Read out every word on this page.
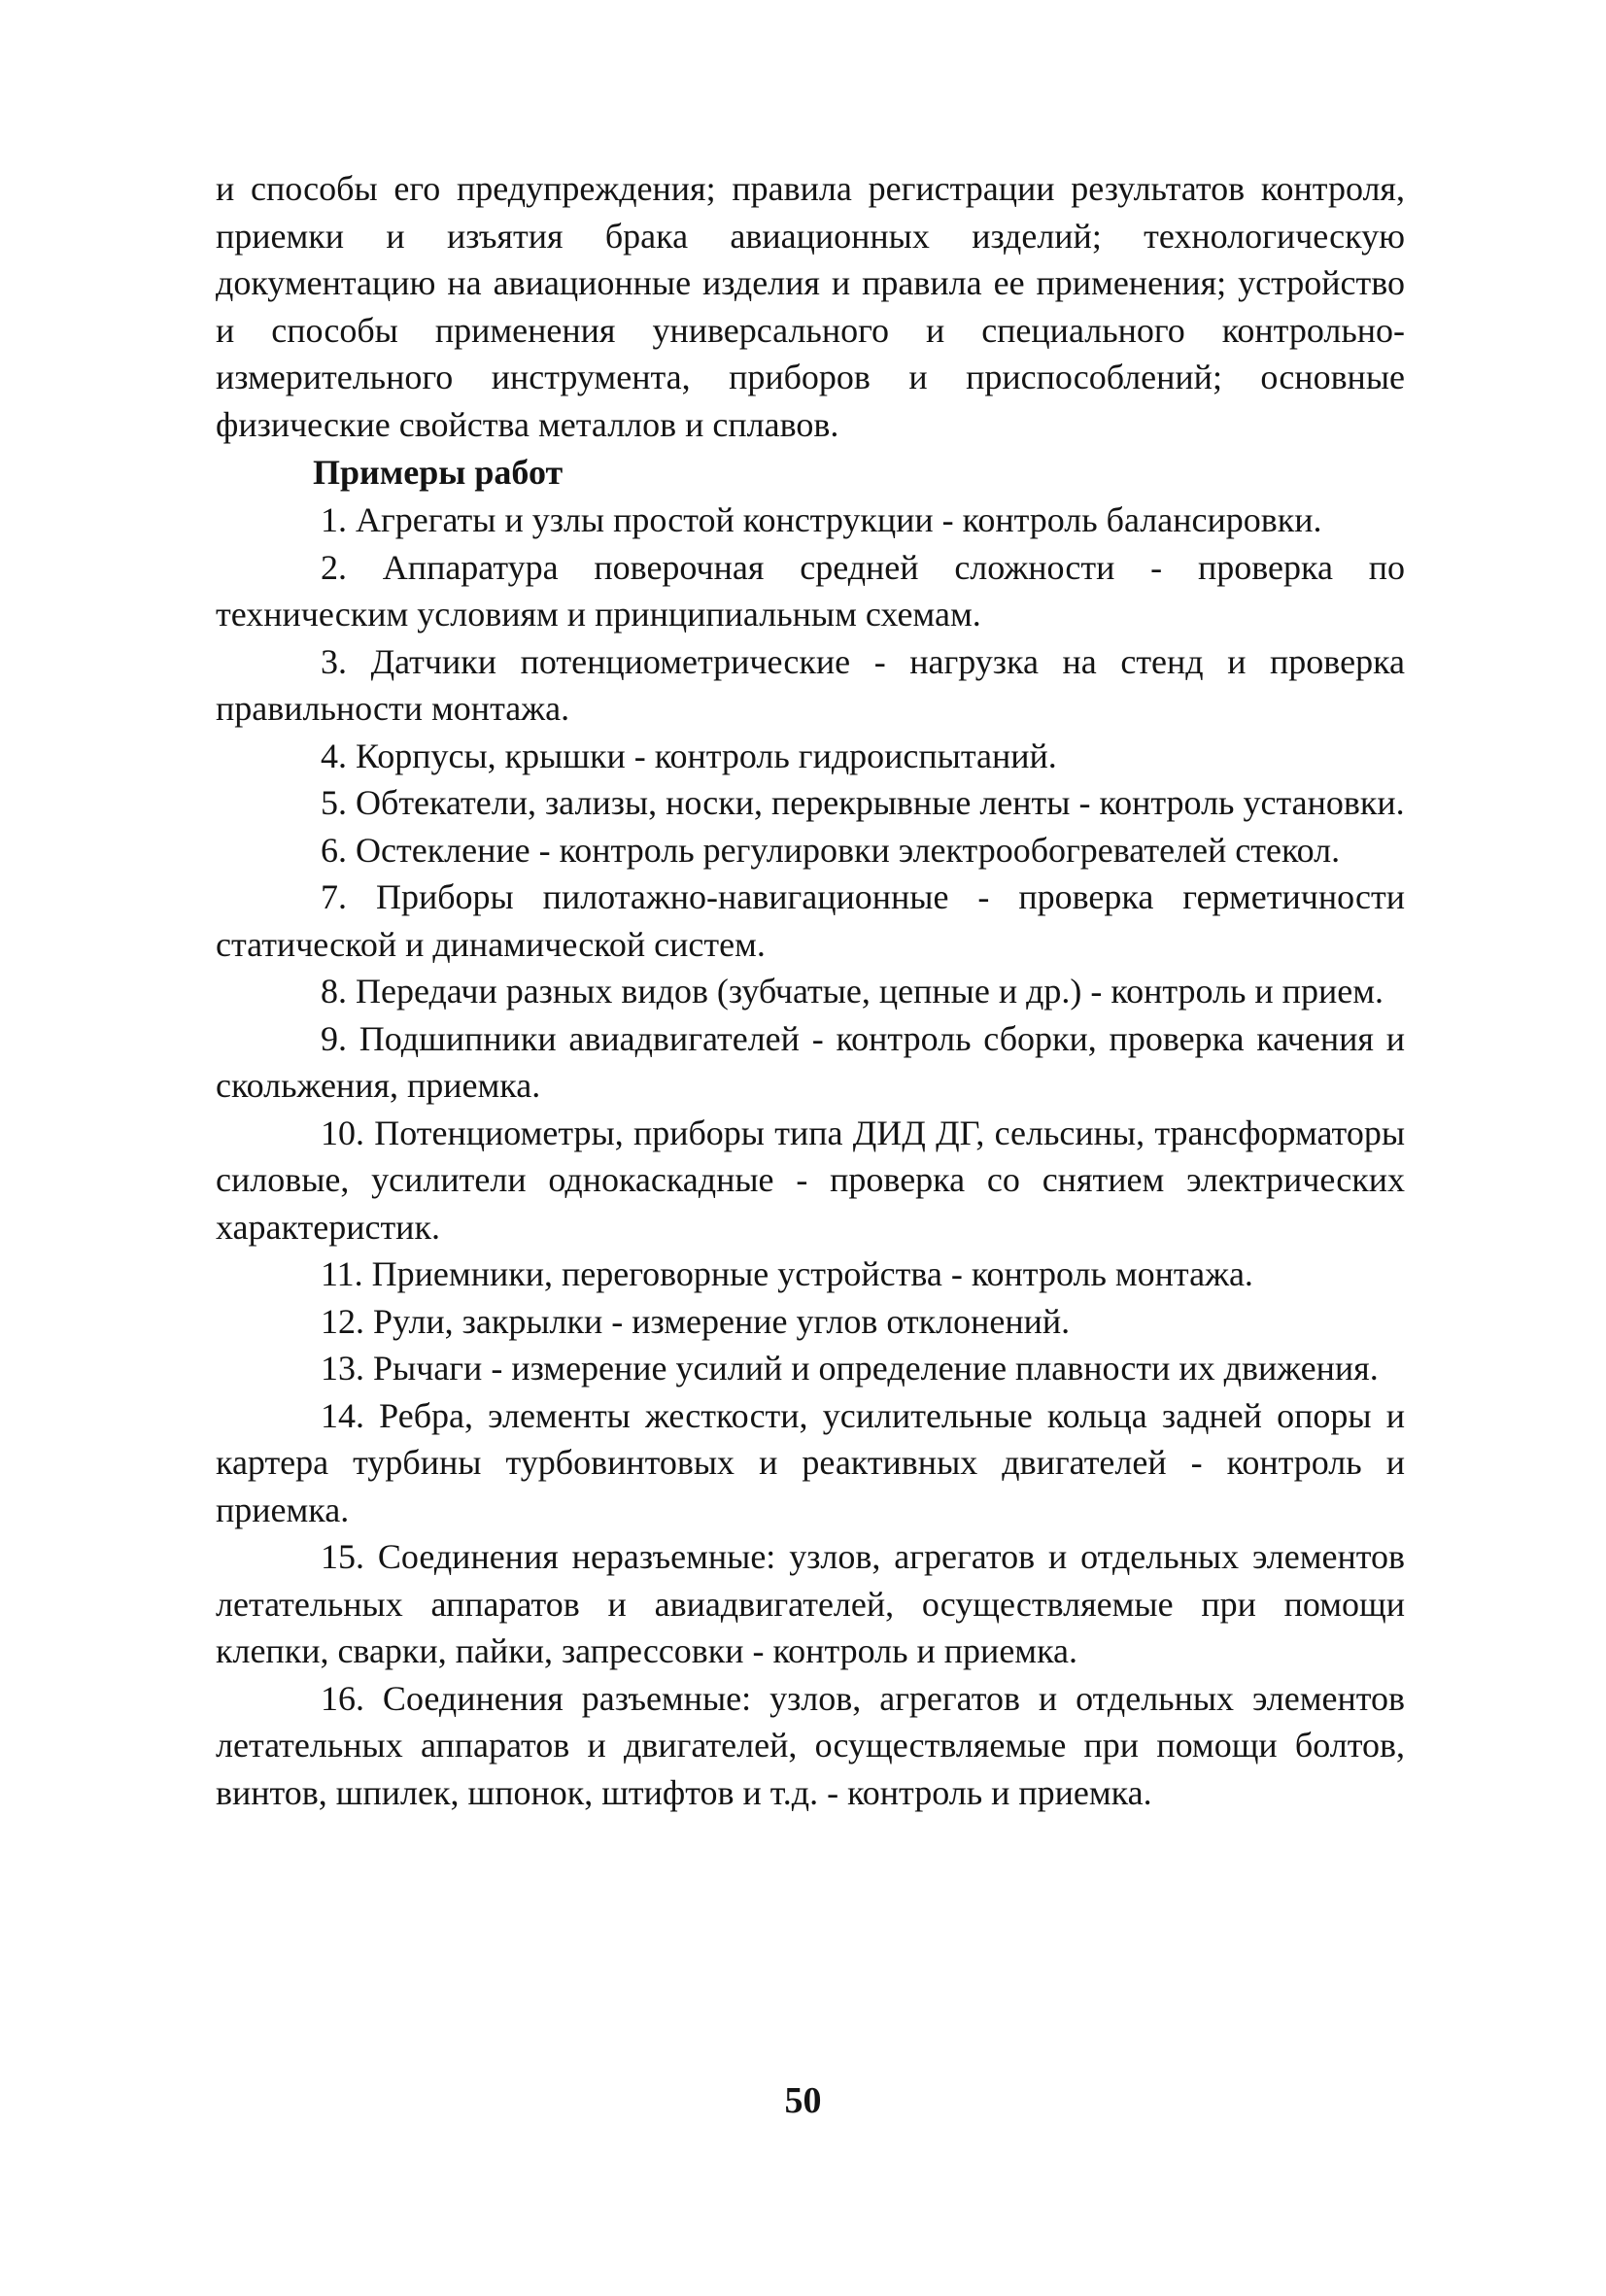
и способы его предупреждения; правила регистрации результатов контроля, приемки и изъятия брака авиационных изделий; технологическую документацию на авиационные изделия и правила ее применения; устройство и способы применения универсального и специального контрольно-измерительного инструмента, приборов и приспособлений; основные физические свойства металлов и сплавов.

Примеры работ

1. Агрегаты и узлы простой конструкции - контроль балансировки.

2. Аппаратура поверочная средней сложности - проверка по техническим условиям и принципиальным схемам.

3. Датчики потенциометрические - нагрузка на стенд и проверка правильности монтажа.

4. Корпусы, крышки - контроль гидроиспытаний.

5. Обтекатели, зализы, носки, перекрывные ленты - контроль установки.

6. Остекление - контроль регулировки электрообогревателей стекол.

7. Приборы пилотажно-навигационные - проверка герметичности статической и динамической систем.

8. Передачи разных видов (зубчатые, цепные и др.) - контроль и прием.

9. Подшипники авиадвигателей - контроль сборки, проверка качения и скольжения, приемка.

10. Потенциометры, приборы типа ДИД ДГ, сельсины, трансформаторы силовые, усилители однокаскадные - проверка со снятием электрических характеристик.

11. Приемники, переговорные устройства - контроль монтажа.

12. Рули, закрылки - измерение углов отклонений.

13. Рычаги - измерение усилий и определение плавности их движения.

14. Ребра, элементы жесткости, усилительные кольца задней опоры и картера турбины турбовинтовых и реактивных двигателей - контроль и приемка.

15. Соединения неразъемные: узлов, агрегатов и отдельных элементов летательных аппаратов и авиадвигателей, осуществляемые при помощи клепки, сварки, пайки, запрессовки - контроль и приемка.

16. Соединения разъемные: узлов, агрегатов и отдельных элементов летательных аппаратов и двигателей, осуществляемые при помощи болтов, винтов, шпилек, шпонок, штифтов и т.д. - контроль и приемка.

50
